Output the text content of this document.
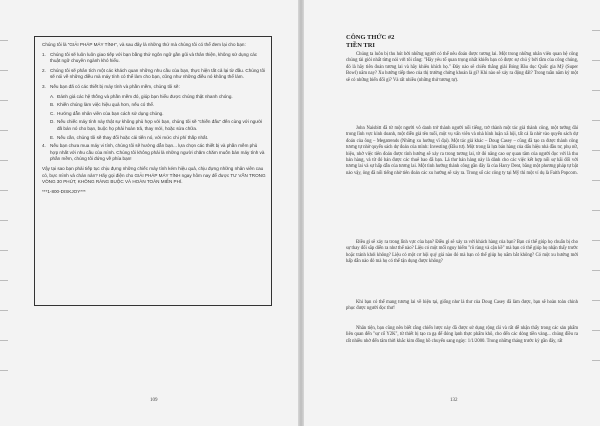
Chúng tôi là "GIẢI PHÁP MÁY TÍNH", và sau đây là những thứ mà chúng tôi có thể đem lại cho bạn:

1. Chúng tôi sẽ luôn luôn giao tiếp với bạn bằng thứ ngôn ngữ gần gũi và thân thiện, không sử dụng các thuật ngữ chuyên ngành khó hiểu.
2. Chúng tôi sẽ phân tích một các khách quan những nhu cầu của bạn, thực hiện tất cả lại từ đầu. Chúng tôi sẽ nói về những điều mà máy tính có thể làm cho bạn, cũng như những điều nó không thể làm.
3. Nếu bạn đã có các thiết bị máy tính và phần mềm, chúng tôi sẽ:
A. Đánh giá các hệ thống và phần mềm đó, giúp bạn hiểu được chúng thật nhanh chóng.
B. Khiến chúng làm việc hiệu quả hơn, nếu có thể.
C. Hướng dẫn nhân viên của bạn cách sử dụng chúng.
D. Nếu chiếc máy tính này thật sự không phù hợp với bạn, chúng tôi sẽ "chiến đấu" đến cùng với người đã bán nó cho bạn, buộc họ phải hoàn trả, thay mới, hoặc sửa chữa.
E. Nếu cần, chúng tôi sẽ thay đổi hoặc cải tiến nó, với mức chi phí thấp nhất.
4. Nếu bạn chưa mua máy vi tính, chúng tôi sẽ hướng dẫn bạn... lựa chọn các thiết bị và phần mềm phù hợp nhất với nhu cầu của mình. Chúng tôi không phải là những người chăm chăm muốn bán máy tính và phần mềm, chúng tôi đứng về phía bạn!

Vậy tại sao bạn phải tiếp tục chịu đựng những chiếc máy tính kém hiệu quả, chịu đựng những nhân viên cau có, bực mình và chán nản? Hãy gọi điện cho GIẢI PHÁP MÁY TÍNH ngay hôm nay để được TƯ VẤN TRONG VÒNG 30 PHÚT, KHÔNG RÀNG BUỘC VÀ HOÀN TOÀN MIỄN PHÍ.

***1-800-DISKJOY***

109
CÔNG THỨC #2
TIỀN TRI

Chúng ta luôn bị thu hút bởi những người có thể nêu đoán được tương lai. Một trong những nhân viên quan hệ công chúng tài giỏi nhất từng nói với tôi rằng: "Hãy yêu tố quan trọng nhất khiến bạn có được sự chú ý bởi tầm của công chúng, đó là hãy tiên đoán tương lai và hãy khiêu khích họ." Đây nào sẽ chiến thắng giải Bóng Bầu dục Quốc gia Mỹ (Super Bowl) năm nay? Xu hướng tiếp theo của thị trường chứng khoán là gì? Khi nào sẽ xảy ra động đất? Trong tuần năm kỷ một sẽ có những biến đổi gì? Và rất nhiều (những thứ tương tự).

John Naisbitt đã từ một người vô danh trở thành người nổi tiếng, trở thành một tác giả thành công, một tướng đài trong lĩnh vực kinh doanh, một diễn giả tên tuổi, một vụ vấn viên và nhà hình luận xã hội, tất cả là nhờ vào quyển sách dự đoán của ông – Megatrends (Những xu hướng vĩ đại). Một tác giả khác – Doug Casey – cũng đã tạo ra được thành công tương tự nhờ quyển sách dự đoán của mình: Investing (Đầu tư). Một trong là lựa bán hàng của dấu hiệu nhà đầu tư, phụ nữ, hiệu, nhờ việc tiên đoán được tình hướng sẽ xảy ra trong tương lai, tờ đó nâng cao sự quan tâm của người đọc với là thu bán hàng, và từ đó bán được các thuê bao đã bạn. Lá thư bán hàng này là dành cho các việc kết hợp nổi sợ hãi đối với tương lai và sự hấp dẫn của tương lai. Một tình hướng thành công gần đây là của Harry Dent, bằng một phương pháp tự bật nào vậy, ông đã nổi tiếng nhờ tiên đoán các xu hướng sẽ xảy ra. Trong số các công ty tại Mỹ thì một ví dụ là Faith Popcorn.

Điều gì sẽ xảy ra trong lĩnh vực của bạn? Điều gì sẽ xảy ra với khách hàng của bạn? Bạn có thể giúp họ chuẩn bị cho sự thay đổi sắp diễn ra như thế nào? Liệu có một mối nguy hiểm "rõ ràng và cận kề" mà bạn có thể giúp họ nhận thấy trước hoặc tránh khỏi không? Liệu có một cơ hội quý giá nào đó mà bạn có thể giúp họ nắm bắt không? Có một xu hướng mới hấp dẫn nào đó mà họ có thể tận dụng được không?

Khi bạn có thể mang tương lai về hiện tại, giống như là thư của Doug Casey đã làm được, bạn sẽ hoàn toàn chinh phục được người đọc thư!

Nhân tiện, bạn cũng nên biết rằng chiến lược này đã được sử dụng rộng rãi và rất dễ nhận thấy trong các sản phẩm liên quan đến "sự cố Y2K", từ thiết bị tạo ra gạ để đóng lạnh thực phẩm khô, cho đến các dòng tiền vàng... chúng điều ra rất nhiều nhờ đến tâm thời khắc kim đồng hồ chuyển sang ngày: 1/1/2000. Trong những tháng trước kỳ gần đây, rất

132
